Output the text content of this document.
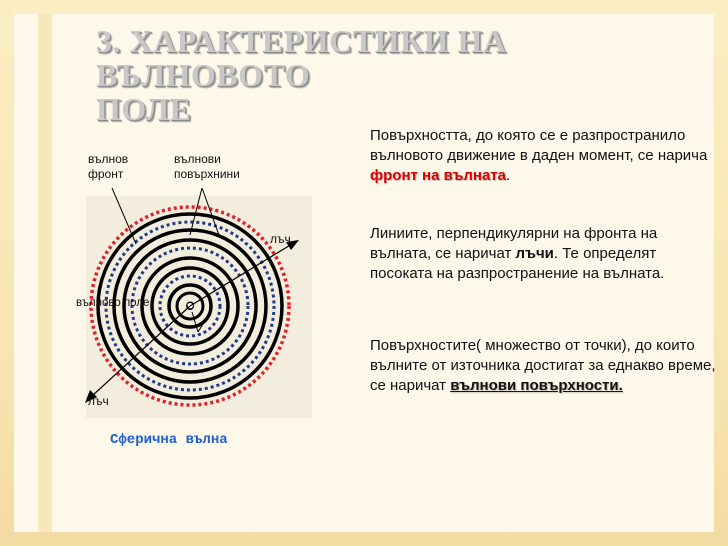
3. ХАРАКТЕРИСТИКИ НА ВЪЛНОВОТО
ПОЛЕ
вълнов фронт
вълнови повърхнини
лъч
вълново поле
лъч
О
Сферична вълна
Повърхността, до която се е разпространило вълновото движение в даден момент, се нарича фронт на вълната.
Линиите, перпендикулярни на фронта на вълната, се наричат лъчи. Те определят посоката на разпространение на вълната.
Повърхностите( множество от точки), до които вълните от източника достигат за еднакво време, се наричат вълнови повърхности.
